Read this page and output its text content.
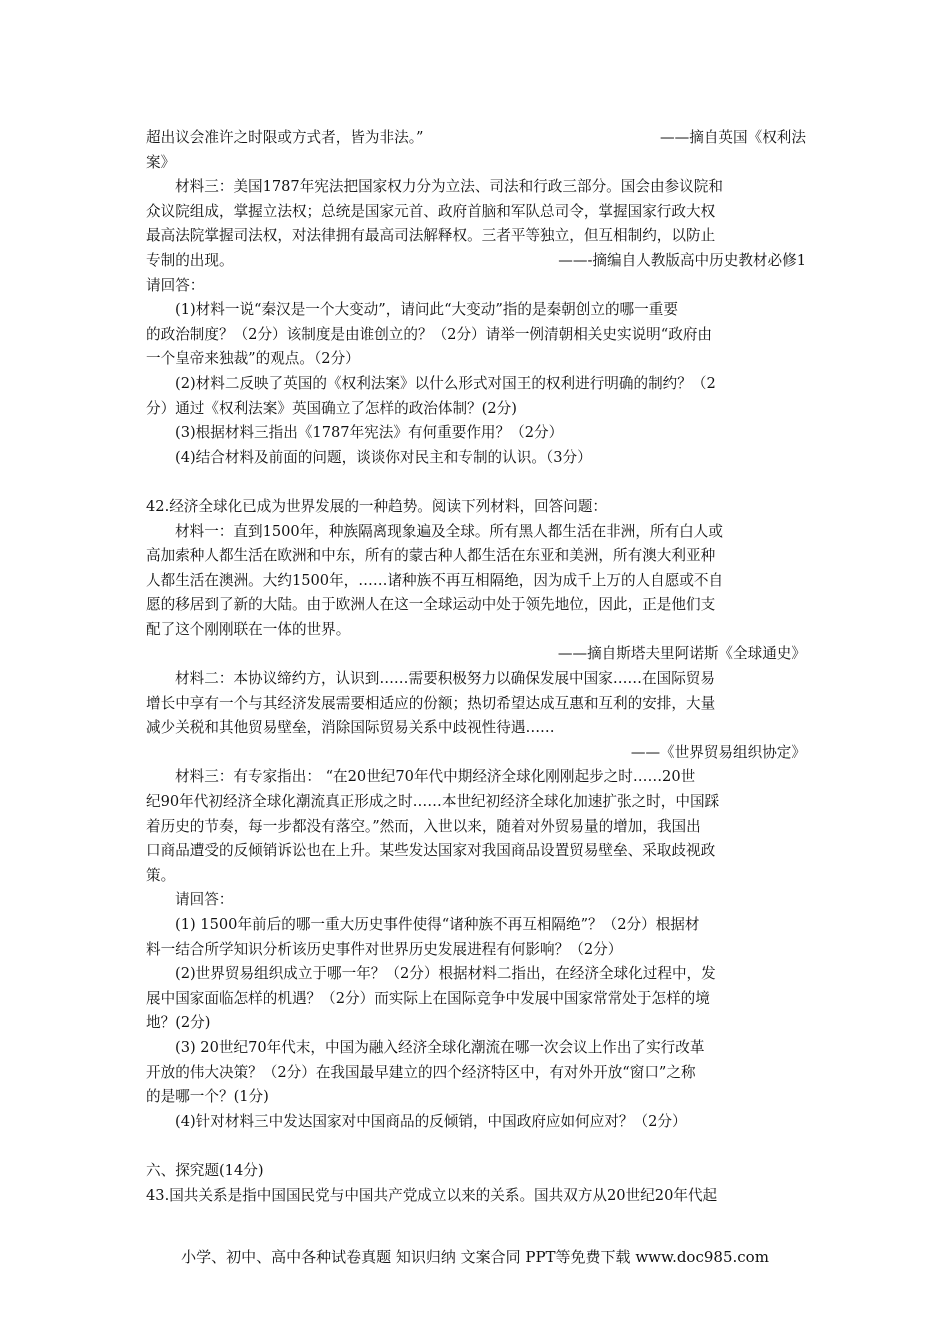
超出议会准许之时限或方式者，皆为非法。”	——摘自英国《权利法
案》
材料三：美国1787年宪法把国家权力分为立法、司法和行政三部分。国会由参议院和
众议院组成，掌握立法权；总统是国家元首、政府首脑和军队总司令，掌握国家行政大权
最高法院掌握司法权，对法律拥有最高司法解释权。三者平等独立，但互相制约，以防止
专制的出现。	——-摘编自人教版高中历史教材必修1
请回答：
(1)材料一说“秦汉是一个大变动”，请问此“大变动”指的是秦朝创立的哪一重要
的政治制度？（2分）该制度是由谁创立的？（2分）请举一例清朝相关史实说明“政府由
一个皇帝来独裁”的观点。（2分）
(2)材料二反映了英国的《权利法案》以什么形式对国王的权利进行明确的制约？（2
分）通过《权利法案》英国确立了怎样的政治体制？(2分)
(3)根据材料三指出《1787年宪法》有何重要作用？（2分）
(4)结合材料及前面的问题，谈谈你对民主和专制的认识。（3分）
42.经济全球化已成为世界发展的一种趋势。阅读下列材料，回答问题：
材料一：直到1500年，种族隔离现象遍及全球。所有黑人都生活在非洲，所有白人或
高加索种人都生活在欧洲和中东，所有的蒙古种人都生活在东亚和美洲，所有澳大利亚种
人都生活在澳洲。大约1500年，……诸种族不再互相隔绝，因为成千上万的人自愿或不自
愿的移居到了新的大陆。由于欧洲人在这一全球运动中处于领先地位，因此，正是他们支
配了这个刚刚联在一体的世界。
——摘自斯塔夫里阿诺斯《全球通史》
材料二：本协议缔约方，认识到……需要积极努力以确保发展中国家……在国际贸易
增长中享有一个与其经济发展需要相适应的份额；热切希望达成互惠和互利的安排，大量
减少关税和其他贸易壁垒，消除国际贸易关系中歧视性待遇……
——《世界贸易组织协定》
材料三：有专家指出： “在20世纪70年代中期经济全球化刚刚起步之时……20世
纪90年代初经济全球化潮流真正形成之时……本世纪初经济全球化加速扩张之时，中国踩
着历史的节奏，每一步都没有落空。”然而，入世以来，随着对外贸易量的增加，我国出
口商品遭受的反倾销诉讼也在上升。某些发达国家对我国商品设置贸易壁垒、采取歧视政
策。
请回答：
(1) 1500年前后的哪一重大历史事件使得“诸种族不再互相隔绝”？（2分）根据材
料一结合所学知识分析该历史事件对世界历史发展进程有何影响？（2分）
(2)世界贸易组织成立于哪一年？（2分）根据材料二指出，在经济全球化过程中，发
展中国家面临怎样的机遇？（2分）而实际上在国际竞争中发展中国家常常处于怎样的境
地？(2分)
(3) 20世纪70年代末，中国为融入经济全球化潮流在哪一次会议上作出了实行改革
开放的伟大决策？（2分）在我国最早建立的四个经济特区中，有对外开放“窗口”之称
的是哪一个？(1分)
(4)针对材料三中发达国家对中国商品的反倾销，中国政府应如何应对？（2分）
六、探究题(14分)
43.国共关系是指中国国民党与中国共产党成立以来的关系。国共双方从20世纪20年代起
小学、初中、高中各种试卷真题 知识归纳 文案合同 PPT等免费下载 www.doc985.com
